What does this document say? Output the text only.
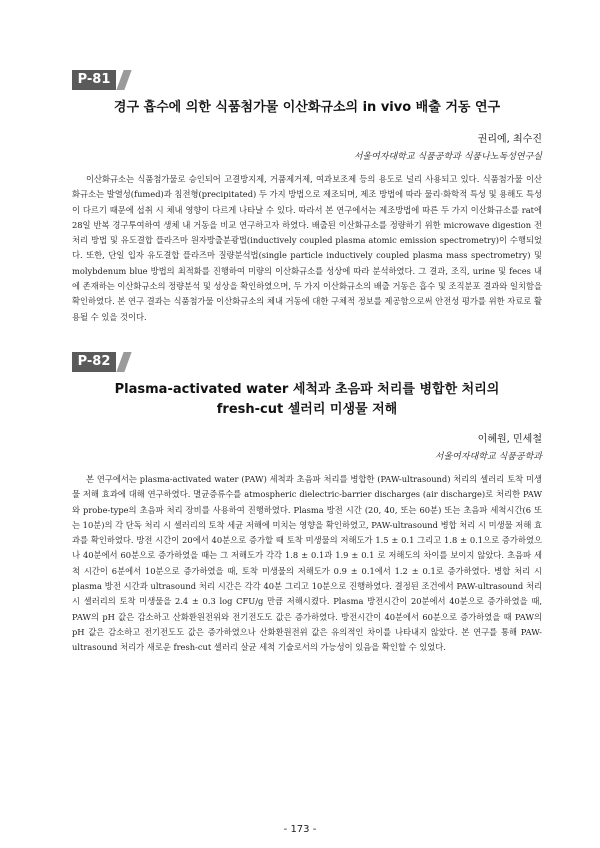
P-81
경구 흡수에 의한 식품첨가물 이산화규소의 in vivo 배출 거동 연구
권리예, 최수진
서울여자대학교 식품공학과 식품나노독성연구실
이산화규소는 식품첨가물로 승인되어 고결방지제, 거품제거제, 여과보조제 등의 용도로 널리 사용되고 있다. 식품첨가물 이산화규소는 발열성(fumed)과 침전형(precipitated) 두 가지 방법으로 제조되며, 제조 방법에 따라 물리·화학적 특성 및 용해도 특성이 다르기 때문에 섭취 시 체내 영향이 다르게 나타날 수 있다. 따라서 본 연구에서는 제조방법에 따른 두 가지 이산화규소를 rat에 28일 반복 경구투여하여 생체 내 거동을 비교 연구하고자 하였다. 배출된 이산화규소를 정량하기 위한 microwave digestion 전처리 방법 및 유도결합 플라즈마 원자방출분광법(inductively coupled plasma atomic emission spectrometry)이 수행되었다. 또한, 단일 입자 유도결합 플라즈마 질량분석법(single particle inductively coupled plasma mass spectrometry) 및 molybdenum blue 방법의 최적화를 진행하여 미량의 이산화규소를 성상에 따라 분석하였다. 그 결과, 조직, urine 및 feces 내에 존재하는 이산화규소의 정량분석 및 성상을 확인하였으며, 두 가지 이산화규소의 배출 거동은 흡수 및 조직분포 결과와 일치함을 확인하였다. 본 연구 결과는 식품첨가물 이산화규소의 체내 거동에 대한 구체적 정보를 제공함으로써 안전성 평가를 위한 자료로 활용될 수 있을 것이다.
P-82
Plasma-activated water 세척과 초음파 처리를 병합한 처리의
fresh-cut 셀러리 미생물 저해
이혜원, 민세철
서울여자대학교 식품공학과
본 연구에서는 plasma-activated water (PAW) 세척과 초음파 처리를 병합한 (PAW-ultrasound) 처리의 셀러리 토착 미생물 저해 효과에 대해 연구하였다. 멸균증류수를 atmospheric dielectric-barrier discharges (air discharge)로 처리한 PAW와 probe-type의 초음파 처리 장비를 사용하여 진행하였다. Plasma 방전 시간 (20, 40, 또는 60분) 또는 초음파 세척시간(6 또는 10분)의 각 단독 처리 시 셀러리의 토착 세균 저해에 미치는 영향을 확인하였고, PAW-ultrasound 병합 처리 시 미생물 저해 효과를 확인하였다. 방전 시간이 20에서 40분으로 증가할 때 토착 미생물의 저해도가 1.5 ± 0.1 그리고 1.8 ± 0.1으로 증가하였으나 40분에서 60분으로 증가하였을 때는 그 저해도가 각각 1.8 ± 0.1과 1.9 ± 0.1 로 저해도의 차이를 보이지 않았다. 초음파 세척 시간이 6분에서 10분으로 증가하였을 때, 토착 미생물의 저해도가 0.9 ± 0.1에서 1.2 ± 0.1로 증가하였다. 병합 처리 시 plasma 방전 시간과 ultrasound 처리 시간은 각각 40분 그리고 10분으로 진행하였다. 결정된 조건에서 PAW-ultrasound 처리 시 셀러리의 토착 미생물을 2.4 ± 0.3 log CFU/g 만큼 저해시켰다. Plasma 방전시간이 20분에서 40분으로 증가하였을 때, PAW의 pH 값은 감소하고 산화환원전위와 전기전도도 값은 증가하였다. 방전시간이 40분에서 60분으로 증가하였을 때 PAW의 pH 값은 감소하고 전기전도도 값은 증가하였으나 산화환원전위 값은 유의적인 차이를 나타내지 않았다. 본 연구를 통해 PAW-ultrasound 처리가 새로운 fresh-cut 셀러리 살균 세척 기술로서의 가능성이 있음을 확인할 수 있었다.
- 173 -
